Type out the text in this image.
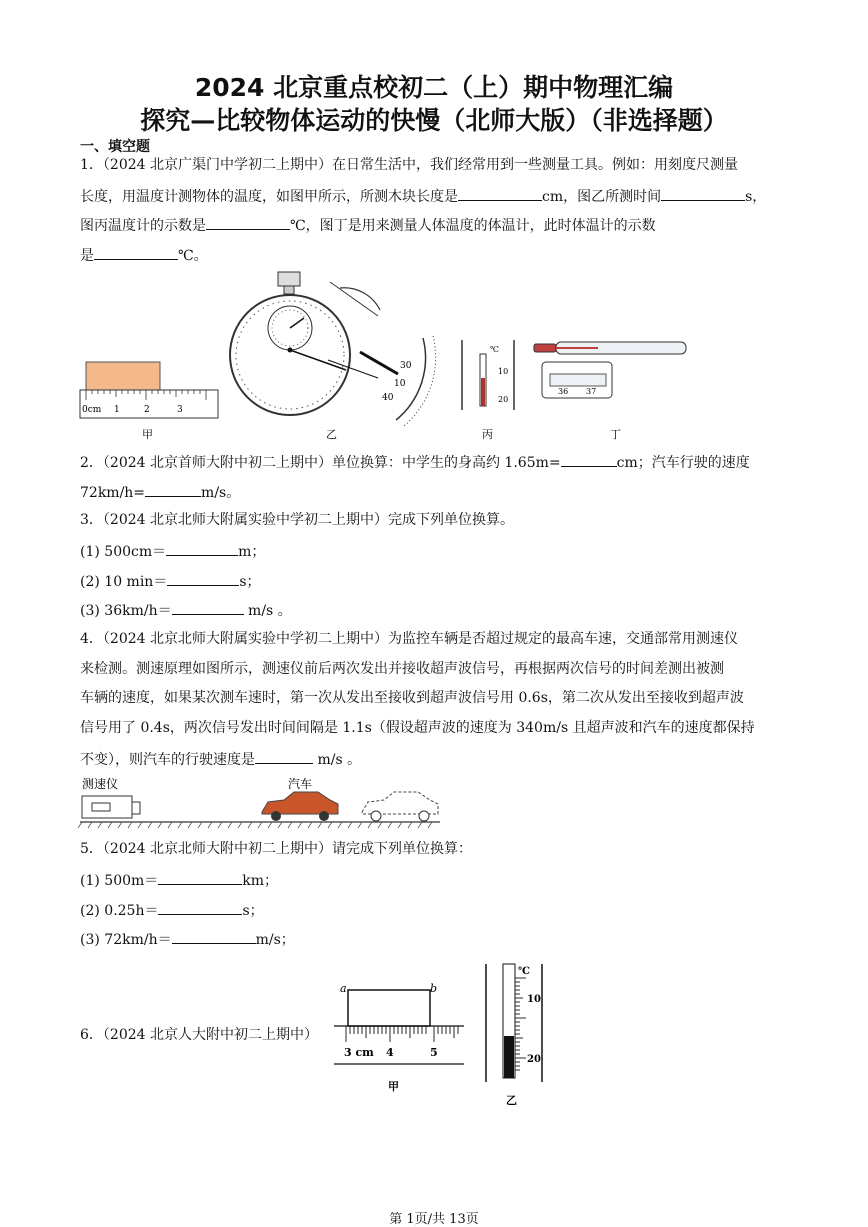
2024 北京重点校初二（上）期中物理汇编
探究—比较物体运动的快慢（北师大版）（非选择题）
一、填空题
1．（2024 北京广渠门中学初二上期中）在日常生活中，我们经常用到一些测量工具。例如：用刻度尺测量
长度，用温度计测物体的温度，如图甲所示，所测木块长度是	cm，图乙所测时间	s，
图丙温度计的示数是	℃，图丁是用来测量人体温度的体温计，此时体温计的示数
是	℃。
0cm 1	2	3
甲
30
10
40
乙
℃
10
20
丙
36 37
丁
2．（2024 北京首师大附中初二上期中）单位换算：中学生的身高约 1.65m=	cm；汽车行驶的速度
72km/h=	m/s。
3．（2024 北京北师大附属实验中学初二上期中）完成下列单位换算。
(1) 500cm＝	m；
(2) 10 min＝	s；
(3) 36km/h＝	m/s 。
4．（2024 北京北师大附属实验中学初二上期中）为监控车辆是否超过规定的最高车速，交通部常用测速仪
来检测。测速原理如图所示，测速仪前后两次发出并接收超声波信号，再根据两次信号的时间差测出被测
车辆的速度，如果某次测车速时，第一次从发出至接收到超声波信号用 0.6s，第二次从发出至接收到超声波
信号用了 0.4s，两次信号发出时间间隔是 1.1s（假设超声波的速度为 340m/s 且超声波和汽车的速度都保持
不变），则汽车的行驶速度是	m/s 。
测速仪	汽车
5．（2024 北京北师大附中初二上期中）请完成下列单位换算：
(1) 500m＝	km；
(2) 0.25h＝	s；
(3) 72km/h＝	m/s；
6．（2024 北京人大附中初二上期中）
a	b
3 cm 4	5
甲
℃
10
20
乙
第 1页/共 13页
